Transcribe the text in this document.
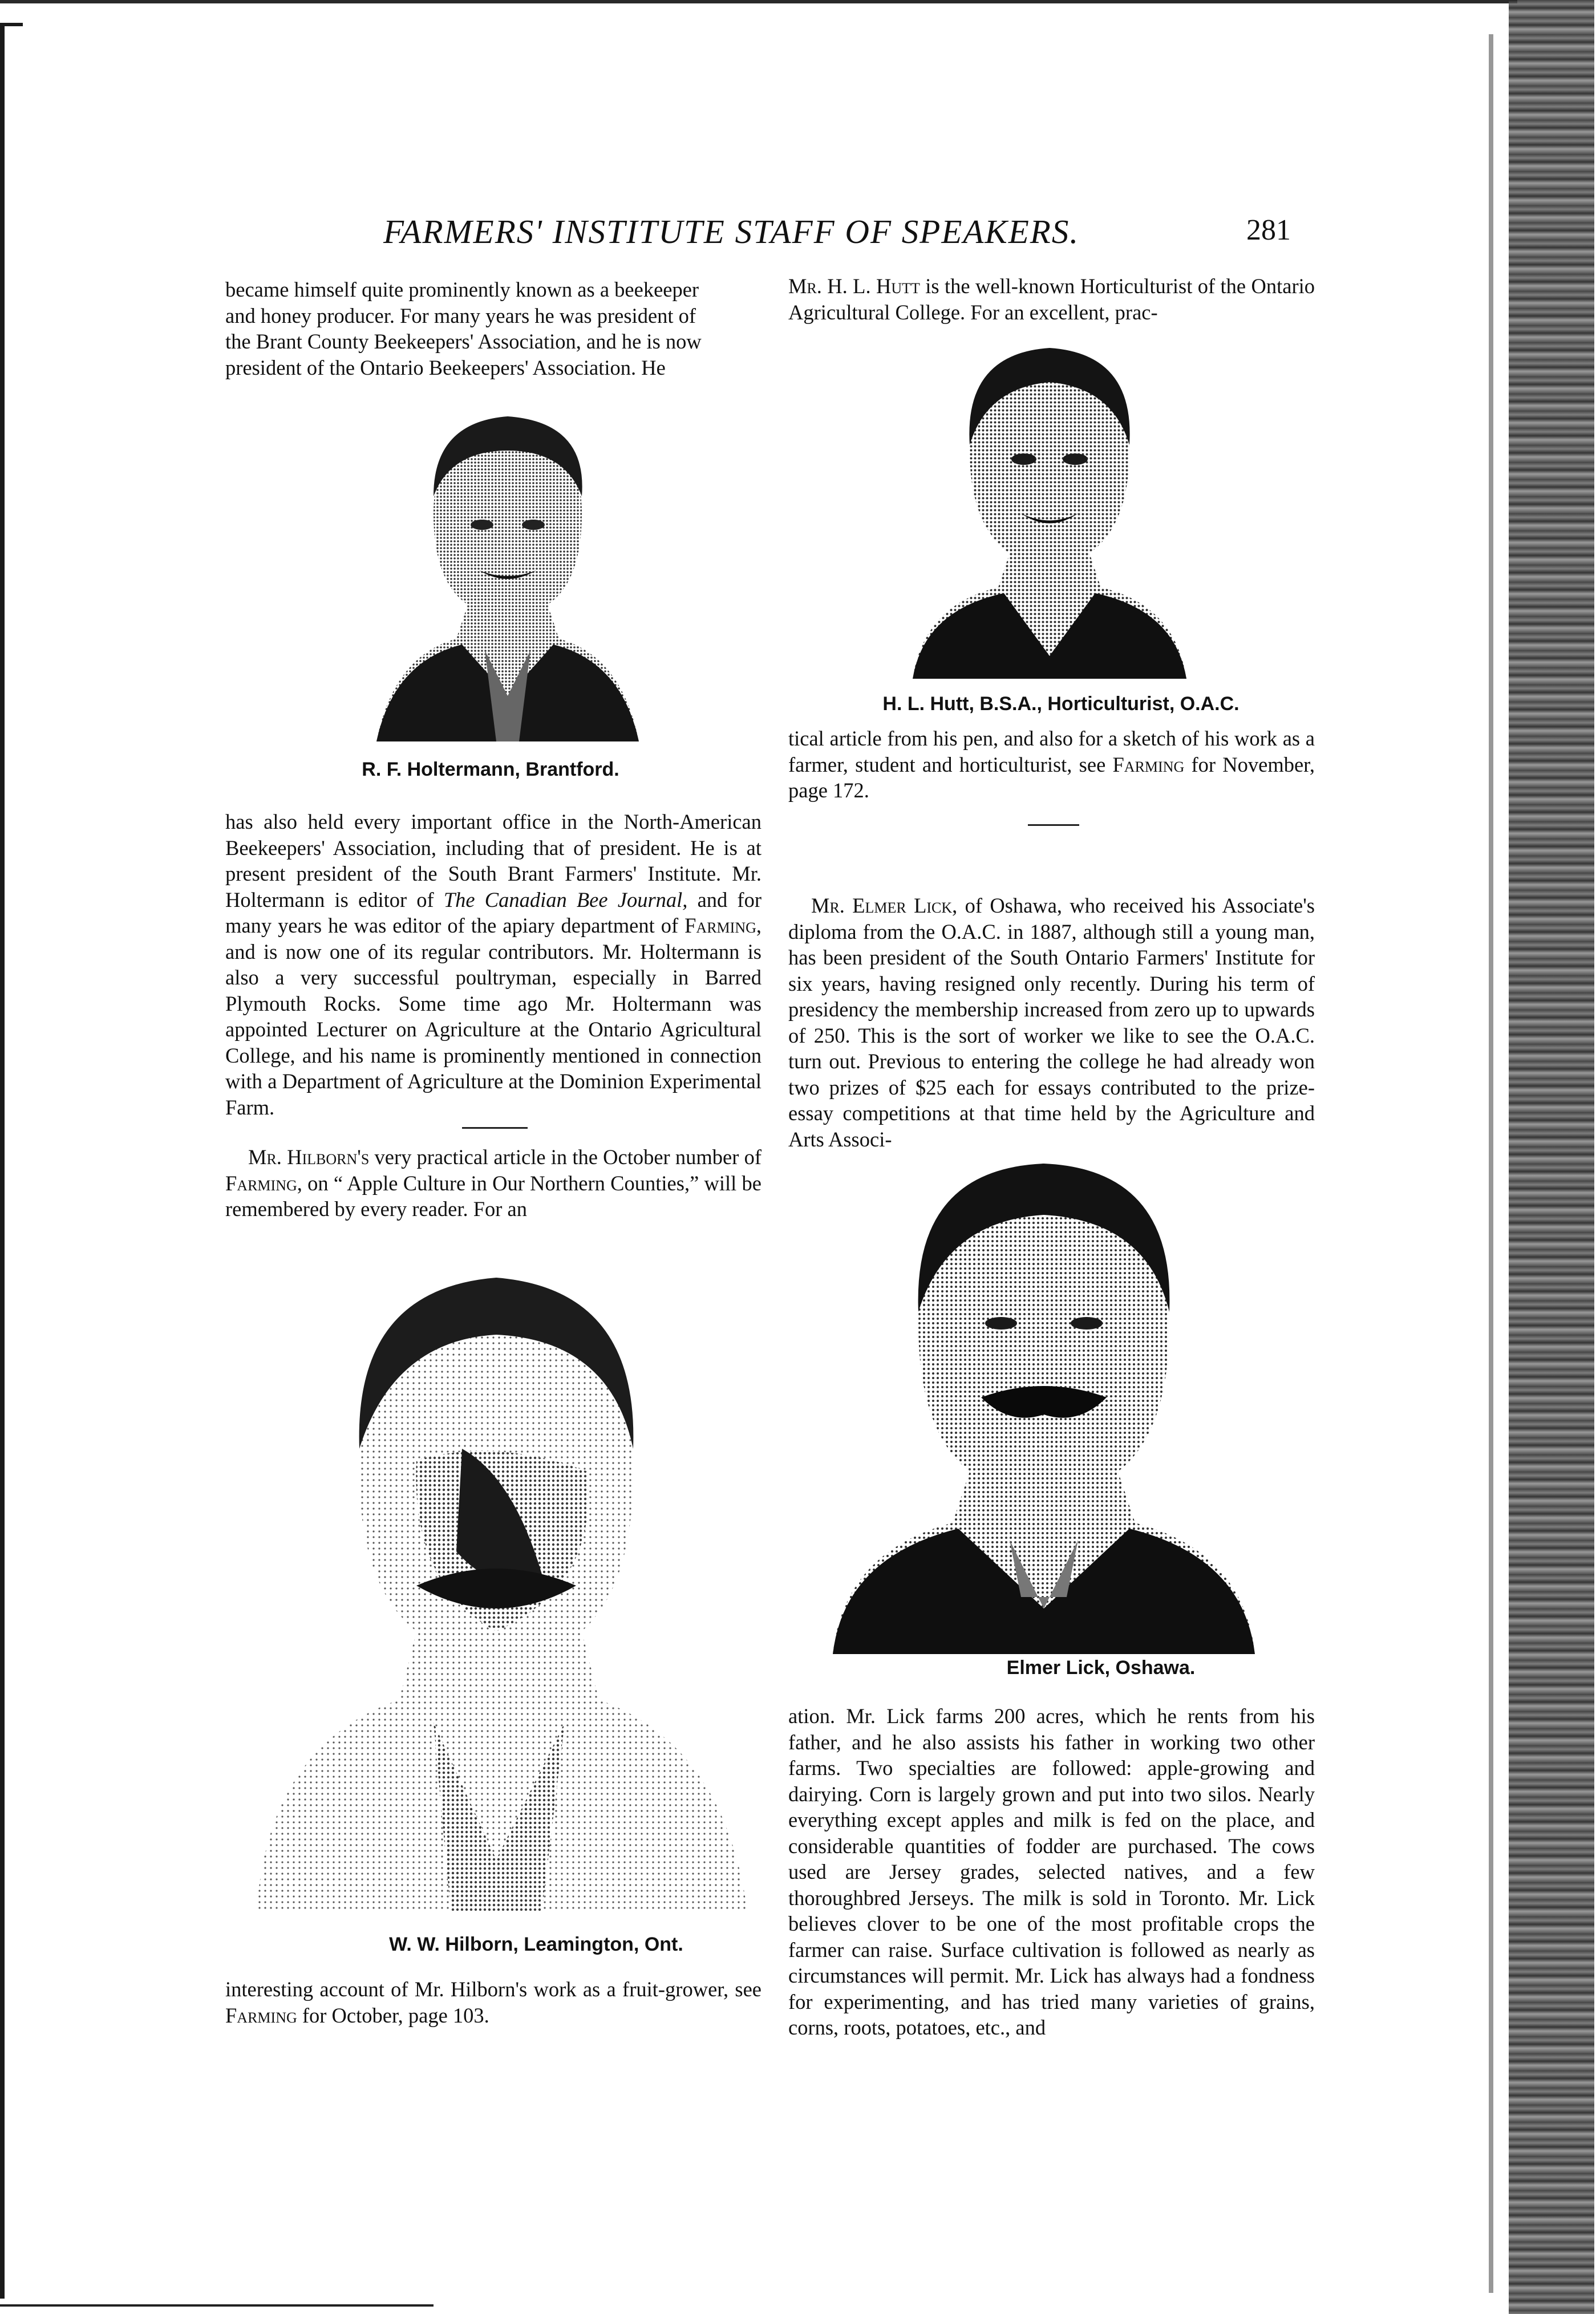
FARMERS' INSTITUTE STAFF OF SPEAKERS.	281

became himself quite prominently known as a beekeeper

and honey producer. For many years he was president of

the Brant County Beekeepers' Association, and he is now

president of the Ontario Beekeepers' Association. He

R. F. Holtermann, Brantford.

has also held every important office in the North-American Beekeepers' Association, including that of president. He is at present president of the South Brant Farmers' Institute. Mr. Holtermann is editor of The Canadian Bee Journal, and for many years he was editor of the apiary department of Farming, and is now one of its regular contributors. Mr. Holtermann is also a very successful poultryman, especially in Barred Plymouth Rocks. Some time ago Mr. Holtermann was appointed Lecturer on Agriculture at the Ontario Agricultural College, and his name is prominently mentioned in connection with a Department of Agriculture at the Dominion Experimental Farm.

Mr. Hilborn's very practical article in the October number of Farming, on “ Apple Culture in Our Northern Counties,” will be remembered by every reader. For an

W. W. Hilborn, Leamington, Ont.

interesting account of Mr. Hilborn's work as a fruit-grower, see Farming for October, page 103.

Mr. H. L. Hutt is the well-known Horticulturist of the Ontario Agricultural College. For an excellent, prac-

H. L. Hutt, B.S.A., Horticulturist, O.A.C.

tical article from his pen, and also for a sketch of his work as a farmer, student and horticulturist, see Farming for November, page 172.

Mr. Elmer Lick, of Oshawa, who received his Associate's diploma from the O.A.C. in 1887, although still a young man, has been president of the South Ontario Farmers' Institute for six years, having resigned only recently. During his term of presidency the membership increased from zero up to upwards of 250. This is the sort of worker we like to see the O.A.C. turn out. Previous to entering the college he had already won two prizes of $25 each for essays contributed to the prize-essay competitions at that time held by the Agriculture and Arts Associ-

Elmer Lick, Oshawa.

ation. Mr. Lick farms 200 acres, which he rents from his father, and he also assists his father in working two other farms. Two specialties are followed: apple-growing and dairying. Corn is largely grown and put into two silos. Nearly everything except apples and milk is fed on the place, and considerable quantities of fodder are purchased. The cows used are Jersey grades, selected natives, and a few thoroughbred Jerseys. The milk is sold in Toronto. Mr. Lick believes clover to be one of the most profitable crops the farmer can raise. Surface cultivation is followed as nearly as circumstances will permit. Mr. Lick has always had a fondness for experimenting, and has tried many varieties of grains, corns, roots, potatoes, etc., and
